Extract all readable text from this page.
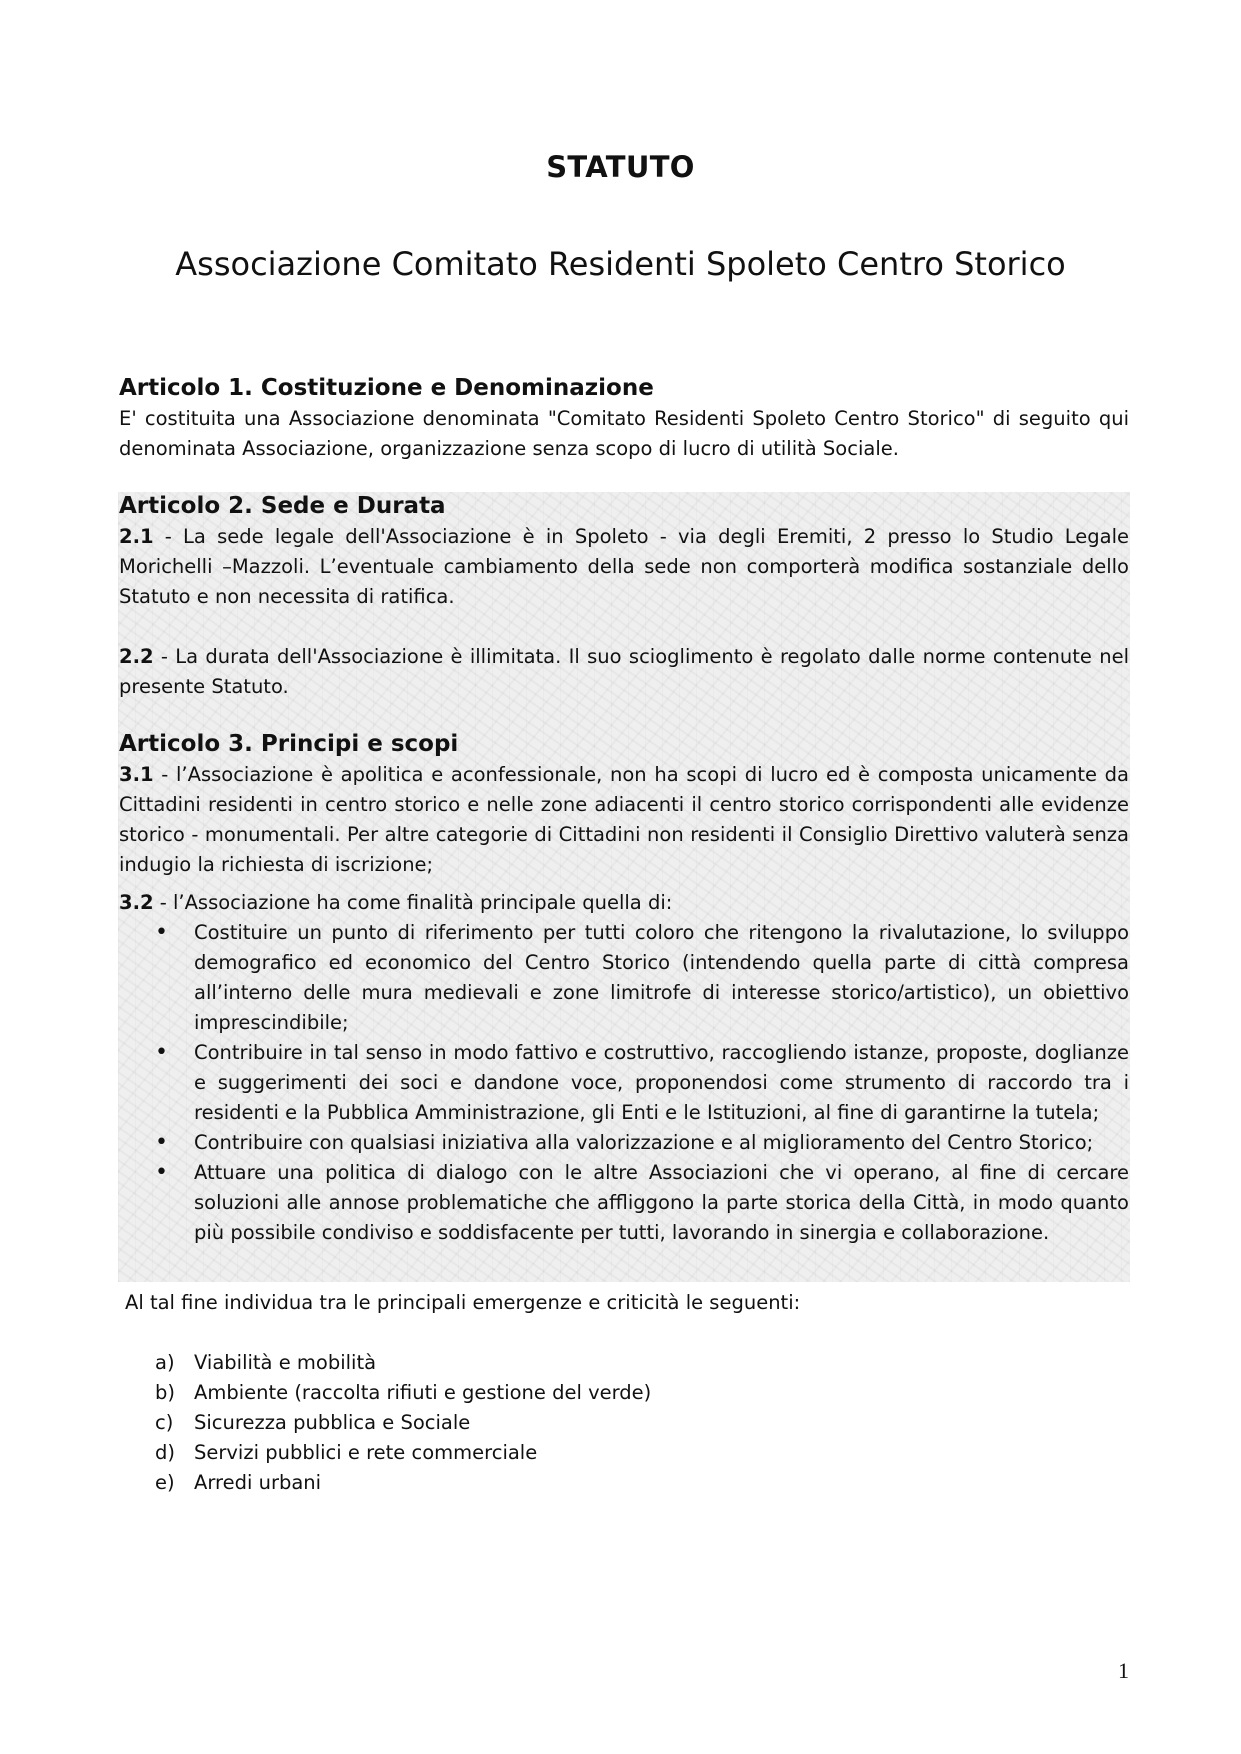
STATUTO
Associazione Comitato Residenti Spoleto Centro Storico
Articolo 1. Costituzione e Denominazione

E' costituita una Associazione denominata "Comitato Residenti Spoleto Centro Storico" di seguito qui denominata Associazione, organizzazione senza scopo di lucro di utilità Sociale.

Articolo 2. Sede e Durata

2.1 - La sede legale dell'Associazione è in Spoleto - via degli Eremiti, 2 presso lo Studio Legale Morichelli –Mazzoli. L’eventuale cambiamento della sede non comporterà modifica sostanziale dello Statuto e non necessita di ratifica.

2.2 - La durata dell'Associazione è illimitata. Il suo scioglimento è regolato dalle norme contenute nel presente Statuto.

Articolo 3. Principi e scopi

3.1 - l’Associazione è apolitica e aconfessionale, non ha scopi di lucro ed è composta unicamente da Cittadini residenti in centro storico e nelle zone adiacenti il centro storico corrispondenti alle evidenze storico - monumentali. Per altre categorie di Cittadini non residenti il Consiglio Direttivo valuterà senza indugio la richiesta di iscrizione;

3.2 - l’Associazione ha come finalità principale quella di:

• Costituire un punto di riferimento per tutti coloro che ritengono la rivalutazione, lo sviluppo demografico ed economico del Centro Storico (intendendo quella parte di città compresa all’interno delle mura medievali e zone limitrofe di interesse storico/artistico), un obiettivo imprescindibile;
• Contribuire in tal senso in modo fattivo e costruttivo, raccogliendo istanze, proposte, doglianze e suggerimenti dei soci e dandone voce, proponendosi come strumento di raccordo tra i residenti e la Pubblica Amministrazione, gli Enti e le Istituzioni, al fine di garantirne la tutela;
• Contribuire con qualsiasi iniziativa alla valorizzazione e al miglioramento del Centro Storico;
• Attuare una politica di dialogo con le altre Associazioni che vi operano, al fine di cercare soluzioni alle annose problematiche che affliggono la parte storica della Città, in modo quanto più possibile condiviso e soddisfacente per tutti, lavorando in sinergia e collaborazione.

Al tal fine individua tra le principali emergenze e criticità le seguenti:

a) Viabilità e mobilità
b) Ambiente (raccolta rifiuti e gestione del verde)
c) Sicurezza pubblica e Sociale
d) Servizi pubblici e rete commerciale
e) Arredi urbani
1
